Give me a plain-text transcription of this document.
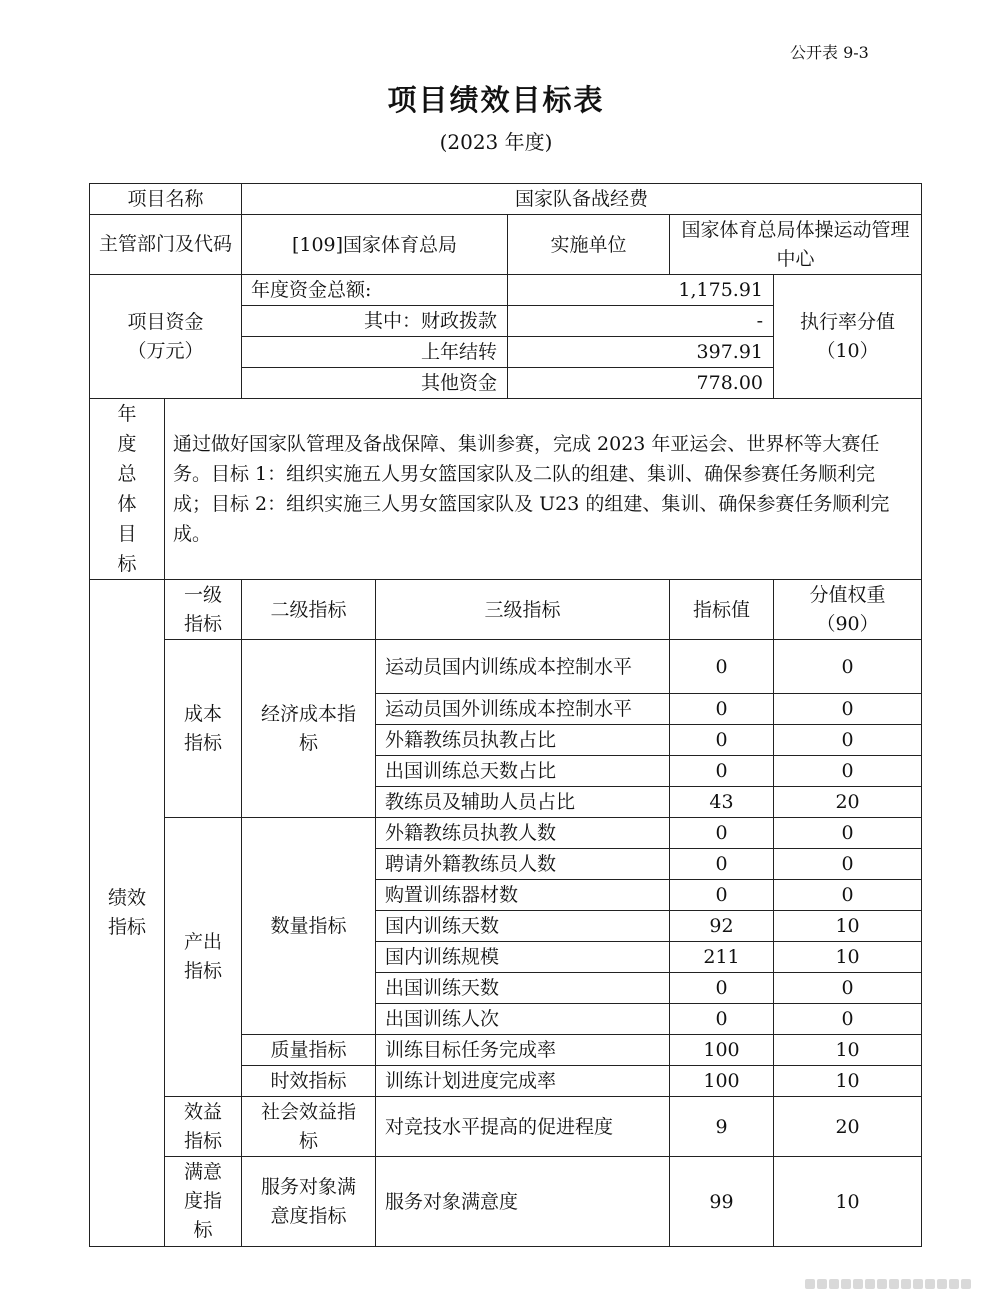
公开表 9-3
项目绩效目标表
(2023 年度)
项目名称		国家队备战经费				
主管部门及代码		[109]国家体育总局		实施单位	国家体育总局体操运动管理中心	
项目资金（万元）		年度资金总额:		1,175.91		执行率分值（10）
		其中：财政拨款		-		
		上年结转		397.91		
		其他资金		778.00		
年度总体目标	通过做好国家队管理及备战保障、集训参赛，完成 2023 年亚运会、世界杯等大赛任务。目标 1：组织实施五人男女篮国家队及二队的组建、集训、确保参赛任务顺利完成；目标 2：组织实施三人男女篮国家队及 U23 的组建、集训、确保参赛任务顺利完成。					
绩效指标	一级指标	二级指标	三级指标		指标值	分值权重（90）
	成本指标	经济成本指标	运动员国内训练成本控制水平		0	0
			运动员国外训练成本控制水平		0	0
			外籍教练员执教占比		0	0
			出国训练总天数占比		0	0
			教练员及辅助人员占比		43	20
	产出指标	数量指标	外籍教练员执教人数		0	0
			聘请外籍教练员人数		0	0
			购置训练器材数		0	0
			国内训练天数		92	10
			国内训练规模		211	10
			出国训练天数		0	0
			出国训练人次		0	0
		质量指标	训练目标任务完成率		100	10
		时效指标	训练计划进度完成率		100	10
	效益指标	社会效益指标	对竞技水平提高的促进程度		9	20
	满意度指标	服务对象满意度指标	服务对象满意度		99	10
